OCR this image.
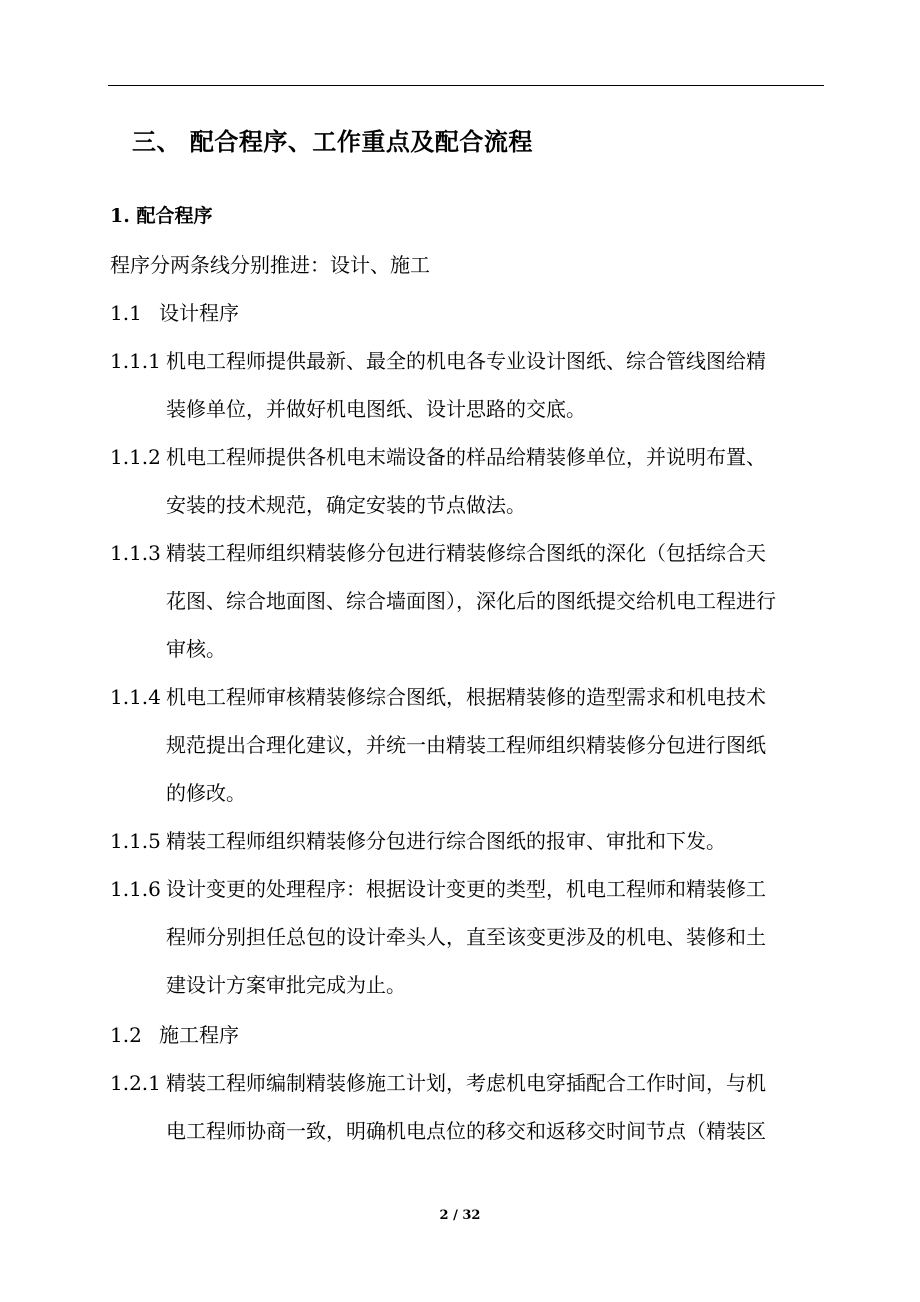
三、 配合程序、工作重点及配合流程
1. 配合程序
程序分两条线分别推进：设计、施工
1.1 设计程序
1.1.1 机电工程师提供最新、最全的机电各专业设计图纸、综合管线图给精
装修单位，并做好机电图纸、设计思路的交底。
1.1.2 机电工程师提供各机电末端设备的样品给精装修单位，并说明布置、
安装的技术规范，确定安装的节点做法。
1.1.3 精装工程师组织精装修分包进行精装修综合图纸的深化（包括综合天
花图、综合地面图、综合墙面图），深化后的图纸提交给机电工程进行
审核。
1.1.4 机电工程师审核精装修综合图纸，根据精装修的造型需求和机电技术
规范提出合理化建议，并统一由精装工程师组织精装修分包进行图纸
的修改。
1.1.5 精装工程师组织精装修分包进行综合图纸的报审、审批和下发。
1.1.6 设计变更的处理程序：根据设计变更的类型，机电工程师和精装修工
程师分别担任总包的设计牵头人，直至该变更涉及的机电、装修和土
建设计方案审批完成为止。
1.2 施工程序
1.2.1 精装工程师编制精装修施工计划，考虑机电穿插配合工作时间，与机
电工程师协商一致，明确机电点位的移交和返移交时间节点（精装区
2 / 32
